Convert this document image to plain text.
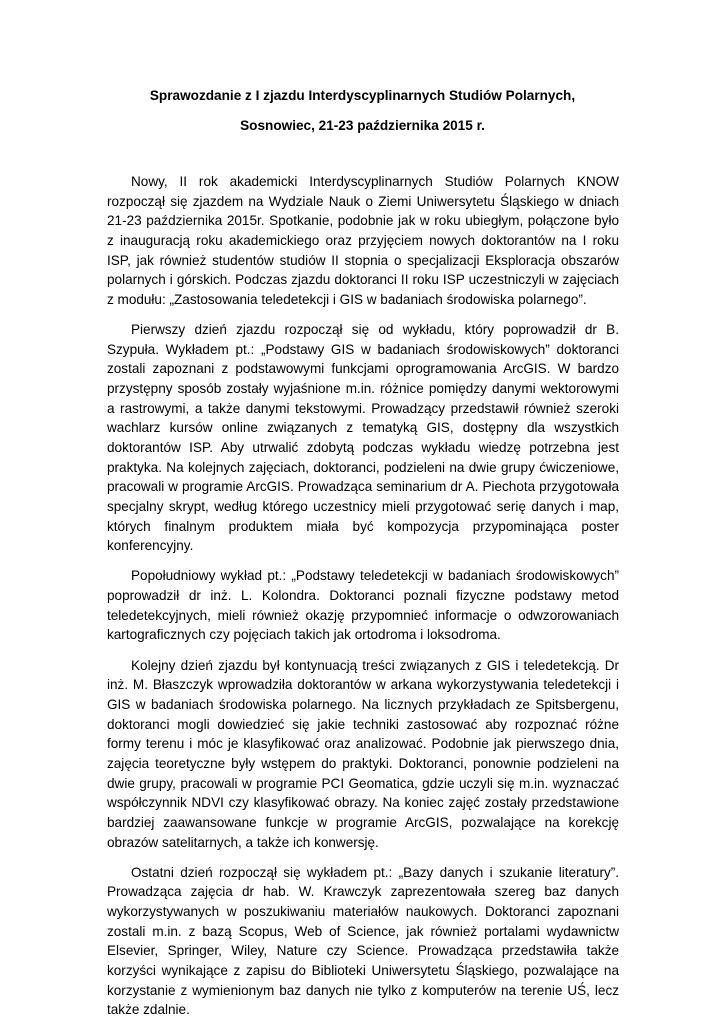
Sprawozdanie z I zjazdu Interdyscyplinarnych Studiów Polarnych,

Sosnowiec, 21-23 października 2015 r.

Nowy, II rok akademicki Interdyscyplinarnych Studiów Polarnych KNOW rozpoczął się zjazdem na Wydziale Nauk o Ziemi Uniwersytetu Śląskiego w dniach 21-23 października 2015r. Spotkanie, podobnie jak w roku ubiegłym, połączone było z inauguracją roku akademickiego oraz przyjęciem nowych doktorantów na I roku ISP, jak również studentów studiów II stopnia o specjalizacji Eksploracja obszarów polarnych i górskich. Podczas zjazdu doktoranci II roku ISP uczestniczyli w zajęciach z modułu: „Zastosowania teledetekcji i GIS w badaniach środowiska polarnego”.

Pierwszy dzień zjazdu rozpoczął się od wykładu, który poprowadził dr B. Szypuła. Wykładem pt.: „Podstawy GIS w badaniach środowiskowych” doktoranci zostali zapoznani z podstawowymi funkcjami oprogramowania ArcGIS. W bardzo przystępny sposób zostały wyjaśnione m.in. różnice pomiędzy danymi wektorowymi a rastrowymi, a także danymi tekstowymi. Prowadzący przedstawił również szeroki wachlarz kursów online związanych z tematyką GIS, dostępny dla wszystkich doktorantów ISP. Aby utrwalić zdobytą podczas wykładu wiedzę potrzebna jest praktyka. Na kolejnych zajęciach, doktoranci, podzieleni na dwie grupy ćwiczeniowe, pracowali w programie ArcGIS. Prowadząca seminarium dr A. Piechota przygotowała specjalny skrypt, według którego uczestnicy mieli przygotować serię danych i map, których finalnym produktem miała być kompozycja przypominająca poster konferencyjny.

Popołudniowy wykład pt.: „Podstawy teledetekcji w badaniach środowiskowych” poprowadził dr inż. L. Kolondra. Doktoranci poznali fizyczne podstawy metod teledetekcyjnych, mieli również okazję przypomnieć informacje o odwzorowaniach kartograficznych czy pojęciach takich jak ortodroma i loksodroma.

Kolejny dzień zjazdu był kontynuacją treści związanych z GIS i teledetekcją. Dr inż. M. Błaszczyk wprowadziła doktorantów w arkana wykorzystywania teledetekcji i GIS w badaniach środowiska polarnego. Na licznych przykładach ze Spitsbergenu, doktoranci mogli dowiedzieć się jakie techniki zastosować aby rozpoznać różne formy terenu i móc je klasyfikować oraz analizować. Podobnie jak pierwszego dnia, zajęcia teoretyczne były wstępem do praktyki. Doktoranci, ponownie podzieleni na dwie grupy, pracowali w programie PCI Geomatica, gdzie uczyli się m.in. wyznaczać współczynnik NDVI czy klasyfikować obrazy. Na koniec zajęć zostały przedstawione bardziej zaawansowane funkcje w programie ArcGIS, pozwalające na korekcję obrazów satelitarnych, a także ich konwersję.

Ostatni dzień rozpoczął się wykładem pt.: „Bazy danych i szukanie literatury”. Prowadząca zajęcia dr hab. W. Krawczyk zaprezentowała szereg baz danych wykorzystywanych w poszukiwaniu materiałów naukowych. Doktoranci zapoznani zostali m.in. z bazą Scopus, Web of Science, jak również portalami wydawnictw Elsevier, Springer, Wiley, Nature czy Science. Prowadząca przedstawiła także korzyści wynikające z zapisu do Biblioteki Uniwersytetu Śląskiego, pozwalające na korzystanie z wymienionym baz danych nie tylko z komputerów na terenie UŚ, lecz także zdalnie.
